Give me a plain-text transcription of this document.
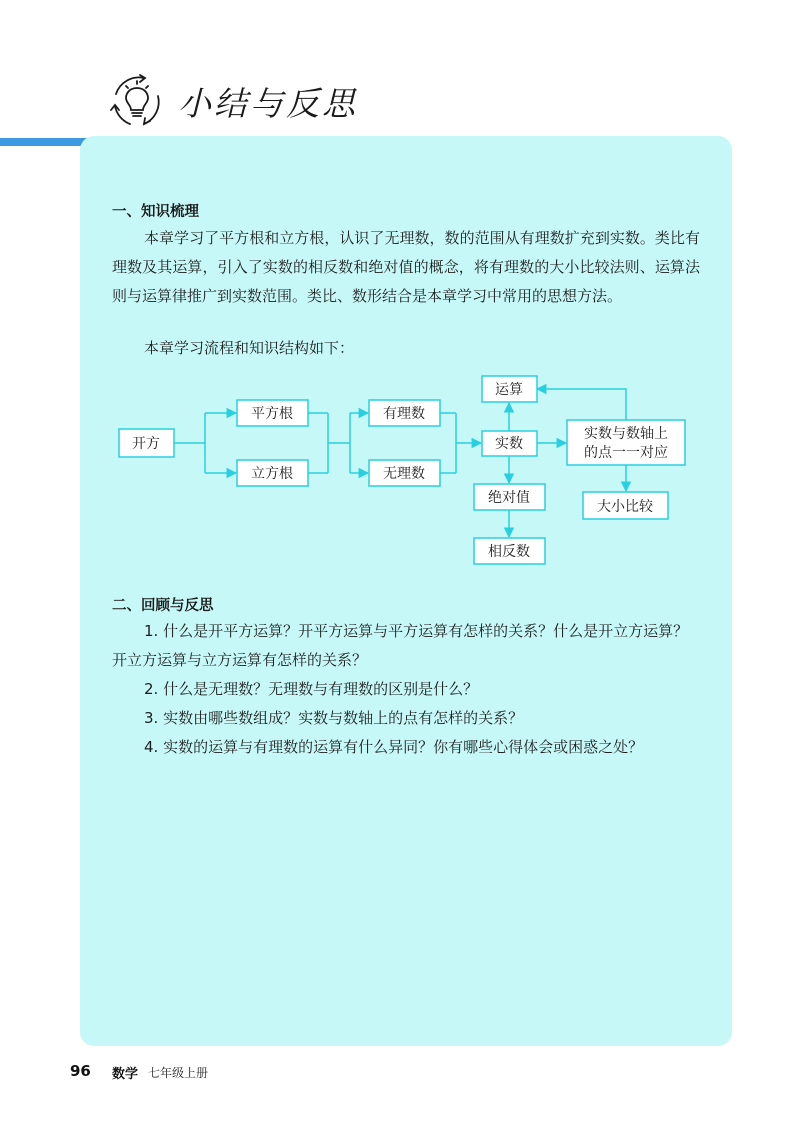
小结与反思
一、知识梳理

本章学习了平方根和立方根，认识了无理数，数的范围从有理数扩充到实数。类比有理数及其运算，引入了实数的相反数和绝对值的概念，将有理数的大小比较法则、运算法则与运算律推广到实数范围。类比、数形结合是本章学习中常用的思想方法。

本章学习流程和知识结构如下：
开方
平方根
立方根
有理数
无理数
实数
运算
绝对值
相反数
实数与数轴上
的点一一对应
大小比较
二、回顾与反思

1. 什么是开平方运算？开平方运算与平方运算有怎样的关系？什么是开立方运算？开立方运算与立方运算有怎样的关系？

2. 什么是无理数？无理数与有理数的区别是什么？

3. 实数由哪些数组成？实数与数轴上的点有怎样的关系？

4. 实数的运算与有理数的运算有什么异同？你有哪些心得体会或困惑之处？

96 数学 七年级上册
